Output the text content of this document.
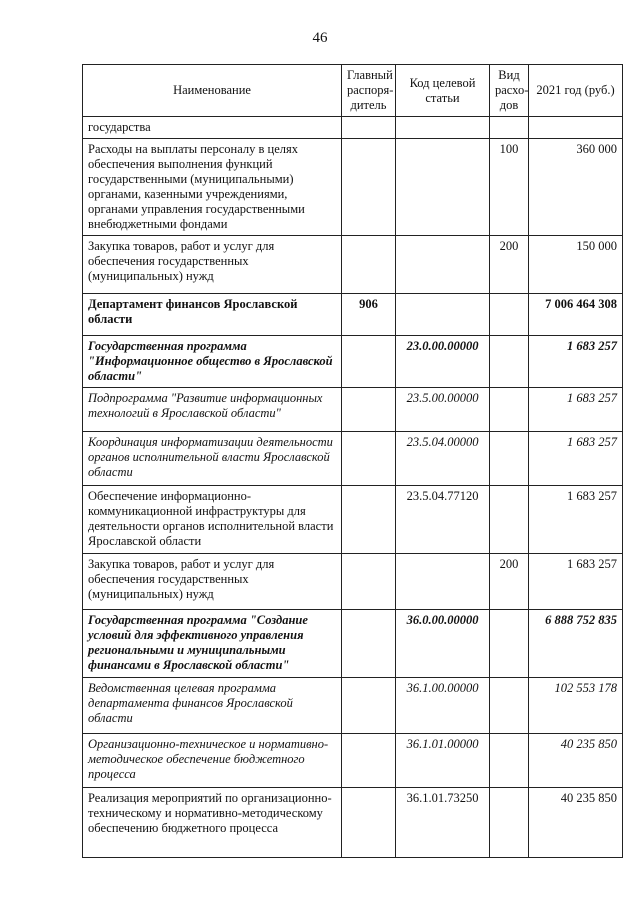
46
Наименование	Главный распоря-дитель	Код целевой статьи	Вид расхо-дов	2021 год (руб.)
государства				
Расходы на выплаты персоналу в целях обеспечения выполнения функций государственными (муниципальными) органами, казенными учреждениями, органами управления государственными внебюджетными фондами			100	360 000
Закупка товаров, работ и услуг для обеспечения государственных (муниципальных) нужд			200	150 000
Департамент финансов Ярославской области	906			7 006 464 308
Государственная программа "Информационное общество в Ярославской области"		23.0.00.00000		1 683 257
Подпрограмма "Развитие информационных технологий в Ярославской области"		23.5.00.00000		1 683 257
Координация информатизации деятельности органов исполнительной власти Ярославской области		23.5.04.00000		1 683 257
Обеспечение информационно-коммуникационной инфраструктуры для деятельности органов исполнительной власти Ярославской области		23.5.04.77120		1 683 257
Закупка товаров, работ и услуг для обеспечения государственных (муниципальных) нужд			200	1 683 257
Государственная программа "Создание условий для эффективного управления региональными и муниципальными финансами в Ярославской области"		36.0.00.00000		6 888 752 835
Ведомственная целевая программа департамента финансов Ярославской области		36.1.00.00000		102 553 178
Организационно-техническое и нормативно-методическое обеспечение бюджетного процесса		36.1.01.00000		40 235 850
Реализация мероприятий по организационно-техническому и нормативно-методическому обеспечению бюджетного процесса		36.1.01.73250		40 235 850
